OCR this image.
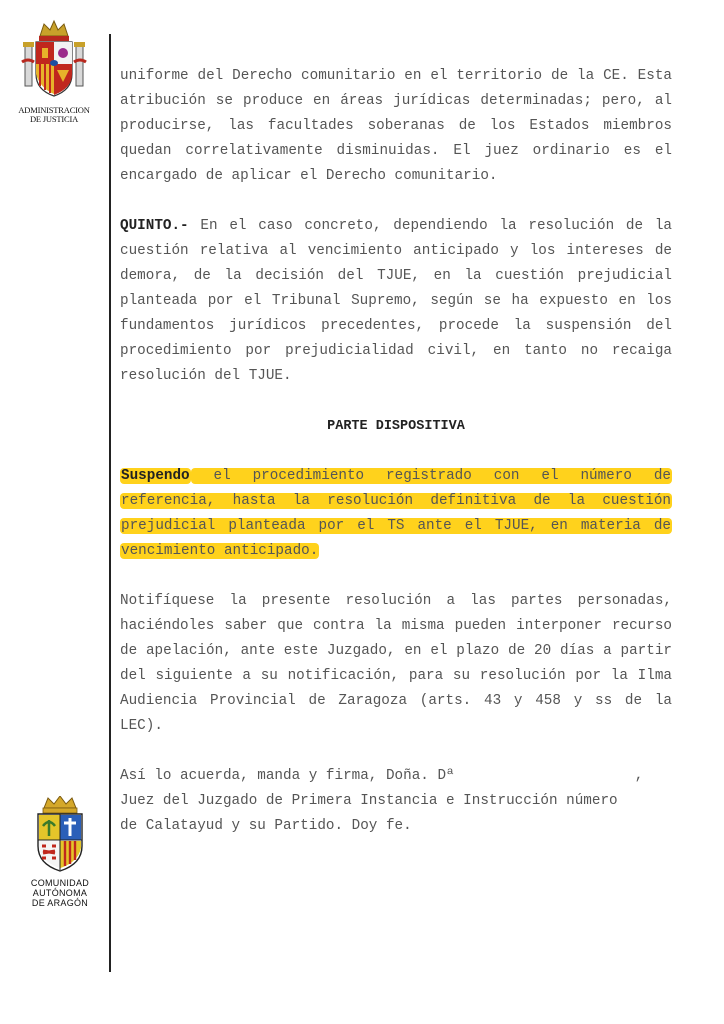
ADMINISTRACION
DE JUSTICIA
COMUNIDAD
AUTÓNOMA
DE ARAGÓN

uniforme del Derecho comunitario en el territorio de la CE. Esta atribución se produce en áreas jurídicas determinadas; pero, al producirse, las facultades soberanas de los Estados miembros quedan correlativamente disminuidas. El juez ordinario es el encargado de aplicar el Derecho comunitario.

QUINTO.- En el caso concreto, dependiendo la resolución de la cuestión relativa al vencimiento anticipado y los intereses de demora, de la decisión del TJUE, en la cuestión prejudicial planteada por el Tribunal Supremo, según se ha expuesto en los fundamentos jurídicos precedentes, procede la suspensión del procedimiento por prejudicialidad civil, en tanto no recaiga resolución del TJUE.

PARTE DISPOSITIVA

Suspendo el procedimiento registrado con el número de referencia, hasta la resolución definitiva de la cuestión prejudicial planteada por el TS ante el TJUE, en materia de vencimiento anticipado.

Notifíquese la presente resolución a las partes personadas, haciéndoles saber que contra la misma pueden interponer recurso de apelación, ante este Juzgado, en el plazo de 20 días a partir del siguiente a su notificación, para su resolución por la Ilma Audiencia Provincial de Zaragoza (arts. 43 y 458 y ss de la LEC).

Así lo acuerda, manda y firma, Doña. Dª                     ,

Juez del Juzgado de Primera Instancia e Instrucción número

de Calatayud y su Partido. Doy fe.
